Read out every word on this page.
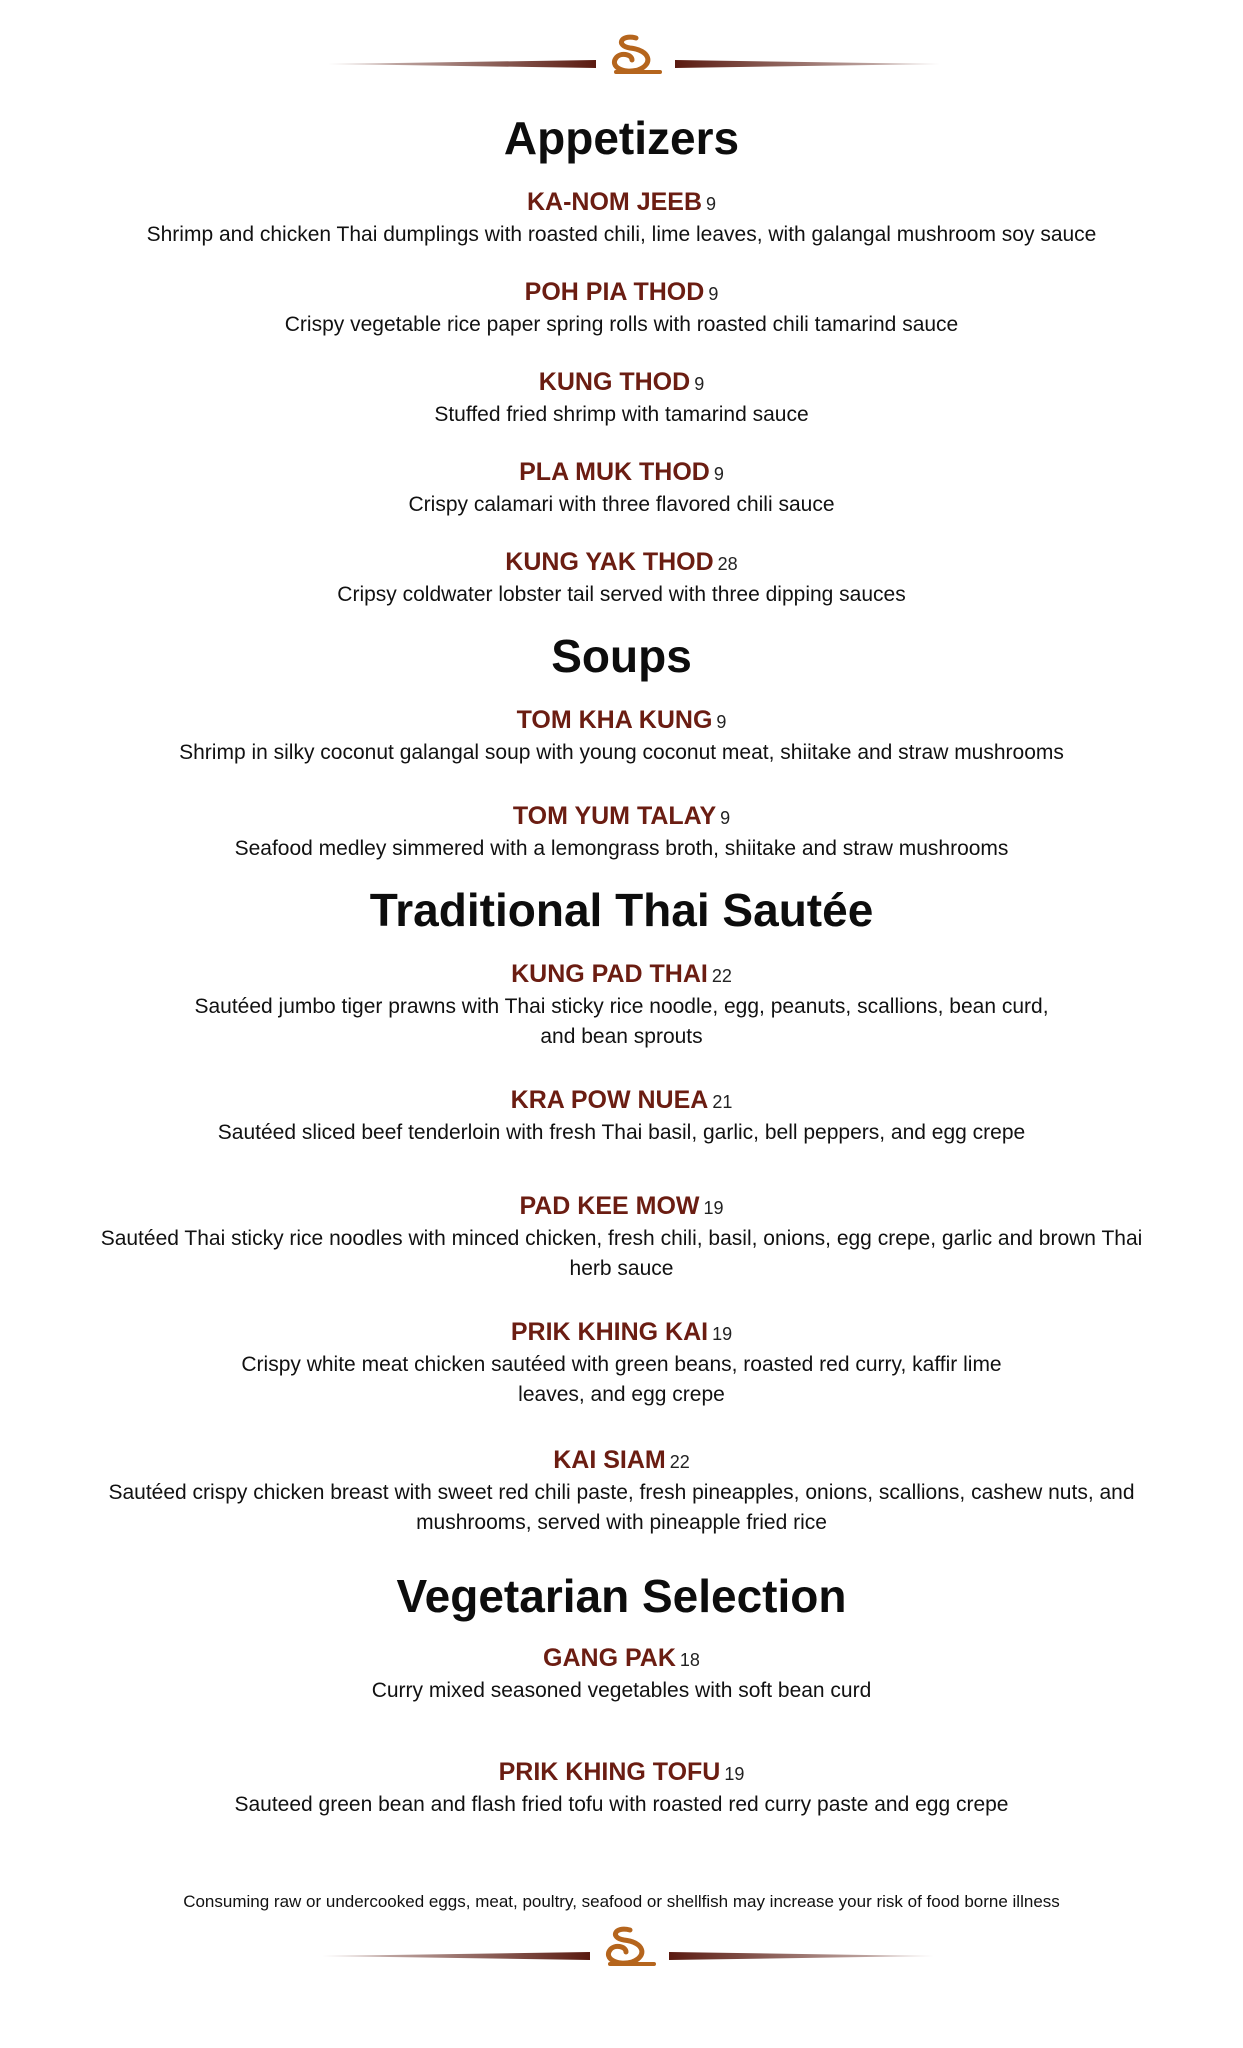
Appetizers
KA-NOM JEEB 9
Shrimp and chicken Thai dumplings with roasted chili, lime leaves, with galangal mushroom soy sauce
POH PIA THOD 9
Crispy vegetable rice paper spring rolls with roasted chili tamarind sauce
KUNG THOD 9
Stuffed fried shrimp with tamarind sauce
PLA MUK THOD 9
Crispy calamari with three flavored chili sauce
KUNG YAK THOD 28
Cripsy coldwater lobster tail served with three dipping sauces
Soups
TOM KHA KUNG 9
Shrimp in silky coconut galangal soup with young coconut meat, shiitake and straw mushrooms
TOM YUM TALAY 9
Seafood medley simmered with a lemongrass broth, shiitake and straw mushrooms
Traditional Thai Sautée
KUNG PAD THAI 22
Sautéed jumbo tiger prawns with Thai sticky rice noodle, egg, peanuts, scallions, bean curd, and bean sprouts
KRA POW NUEA 21
Sautéed sliced beef tenderloin with fresh Thai basil, garlic, bell peppers, and egg crepe
PAD KEE MOW 19
Sautéed Thai sticky rice noodles with minced chicken, fresh chili, basil, onions, egg crepe, garlic and brown Thai herb sauce
PRIK KHING KAI 19
Crispy white meat chicken sautéed with green beans, roasted red curry, kaffir lime leaves, and egg crepe
KAI SIAM 22
Sautéed crispy chicken breast with sweet red chili paste, fresh pineapples, onions, scallions, cashew nuts, and mushrooms, served with pineapple fried rice
Vegetarian Selection
GANG PAK 18
Curry mixed seasoned vegetables with soft bean curd
PRIK KHING TOFU 19
Sauteed green bean and flash fried tofu with roasted red curry paste and egg crepe
Consuming raw or undercooked eggs, meat, poultry, seafood or shellfish may increase your risk of food borne illness
